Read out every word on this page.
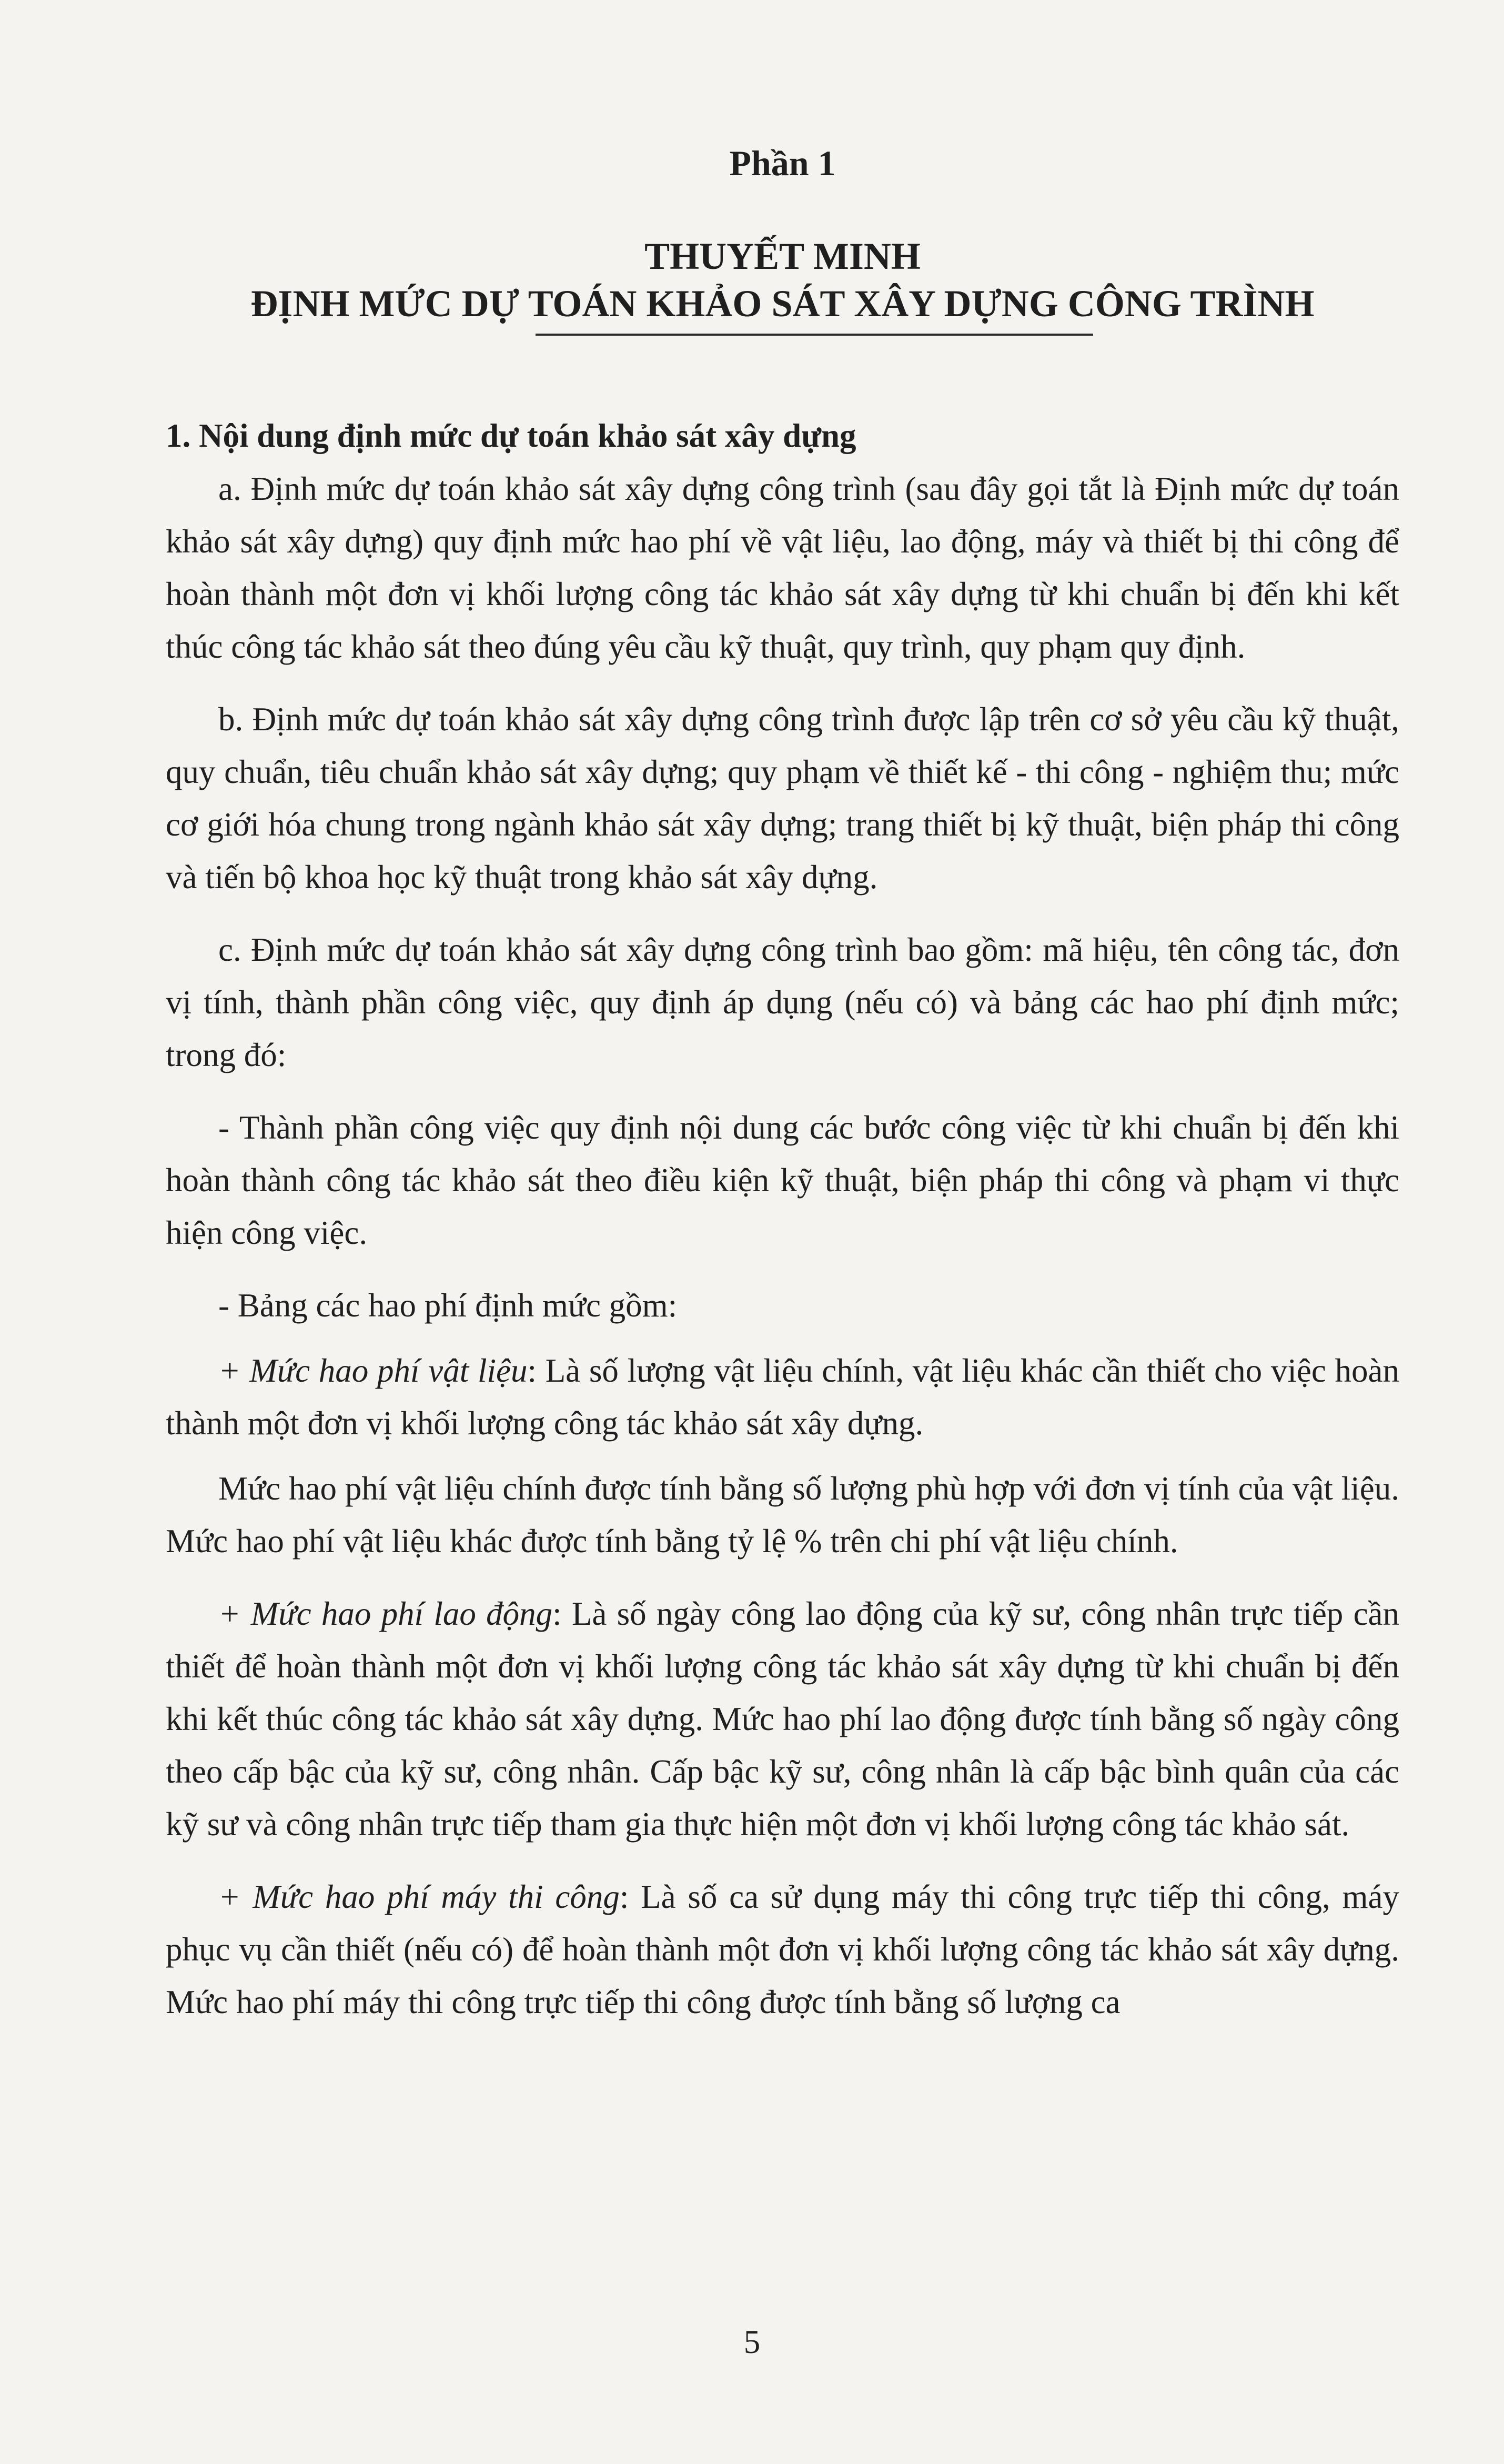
Phần 1
THUYẾT MINH
ĐỊNH MỨC DỰ TOÁN KHẢO SÁT XÂY DỰNG CÔNG TRÌNH
1. Nội dung định mức dự toán khảo sát xây dựng

a. Định mức dự toán khảo sát xây dựng công trình (sau đây gọi tắt là Định mức dự toán khảo sát xây dựng) quy định mức hao phí về vật liệu, lao động, máy và thiết bị thi công để hoàn thành một đơn vị khối lượng công tác khảo sát xây dựng từ khi chuẩn bị đến khi kết thúc công tác khảo sát theo đúng yêu cầu kỹ thuật, quy trình, quy phạm quy định.

b. Định mức dự toán khảo sát xây dựng công trình được lập trên cơ sở yêu cầu kỹ thuật, quy chuẩn, tiêu chuẩn khảo sát xây dựng; quy phạm về thiết kế - thi công - nghiệm thu; mức cơ giới hóa chung trong ngành khảo sát xây dựng; trang thiết bị kỹ thuật, biện pháp thi công và tiến bộ khoa học kỹ thuật trong khảo sát xây dựng.

c. Định mức dự toán khảo sát xây dựng công trình bao gồm: mã hiệu, tên công tác, đơn vị tính, thành phần công việc, quy định áp dụng (nếu có) và bảng các hao phí định mức; trong đó:

- Thành phần công việc quy định nội dung các bước công việc từ khi chuẩn bị đến khi hoàn thành công tác khảo sát theo điều kiện kỹ thuật, biện pháp thi công và phạm vi thực hiện công việc.

- Bảng các hao phí định mức gồm:

+ Mức hao phí vật liệu: Là số lượng vật liệu chính, vật liệu khác cần thiết cho việc hoàn thành một đơn vị khối lượng công tác khảo sát xây dựng.

Mức hao phí vật liệu chính được tính bằng số lượng phù hợp với đơn vị tính của vật liệu. Mức hao phí vật liệu khác được tính bằng tỷ lệ % trên chi phí vật liệu chính.

+ Mức hao phí lao động: Là số ngày công lao động của kỹ sư, công nhân trực tiếp cần thiết để hoàn thành một đơn vị khối lượng công tác khảo sát xây dựng từ khi chuẩn bị đến khi kết thúc công tác khảo sát xây dựng. Mức hao phí lao động được tính bằng số ngày công theo cấp bậc của kỹ sư, công nhân. Cấp bậc kỹ sư, công nhân là cấp bậc bình quân của các kỹ sư và công nhân trực tiếp tham gia thực hiện một đơn vị khối lượng công tác khảo sát.

+ Mức hao phí máy thi công: Là số ca sử dụng máy thi công trực tiếp thi công, máy phục vụ cần thiết (nếu có) để hoàn thành một đơn vị khối lượng công tác khảo sát xây dựng. Mức hao phí máy thi công trực tiếp thi công được tính bằng số lượng ca

5
